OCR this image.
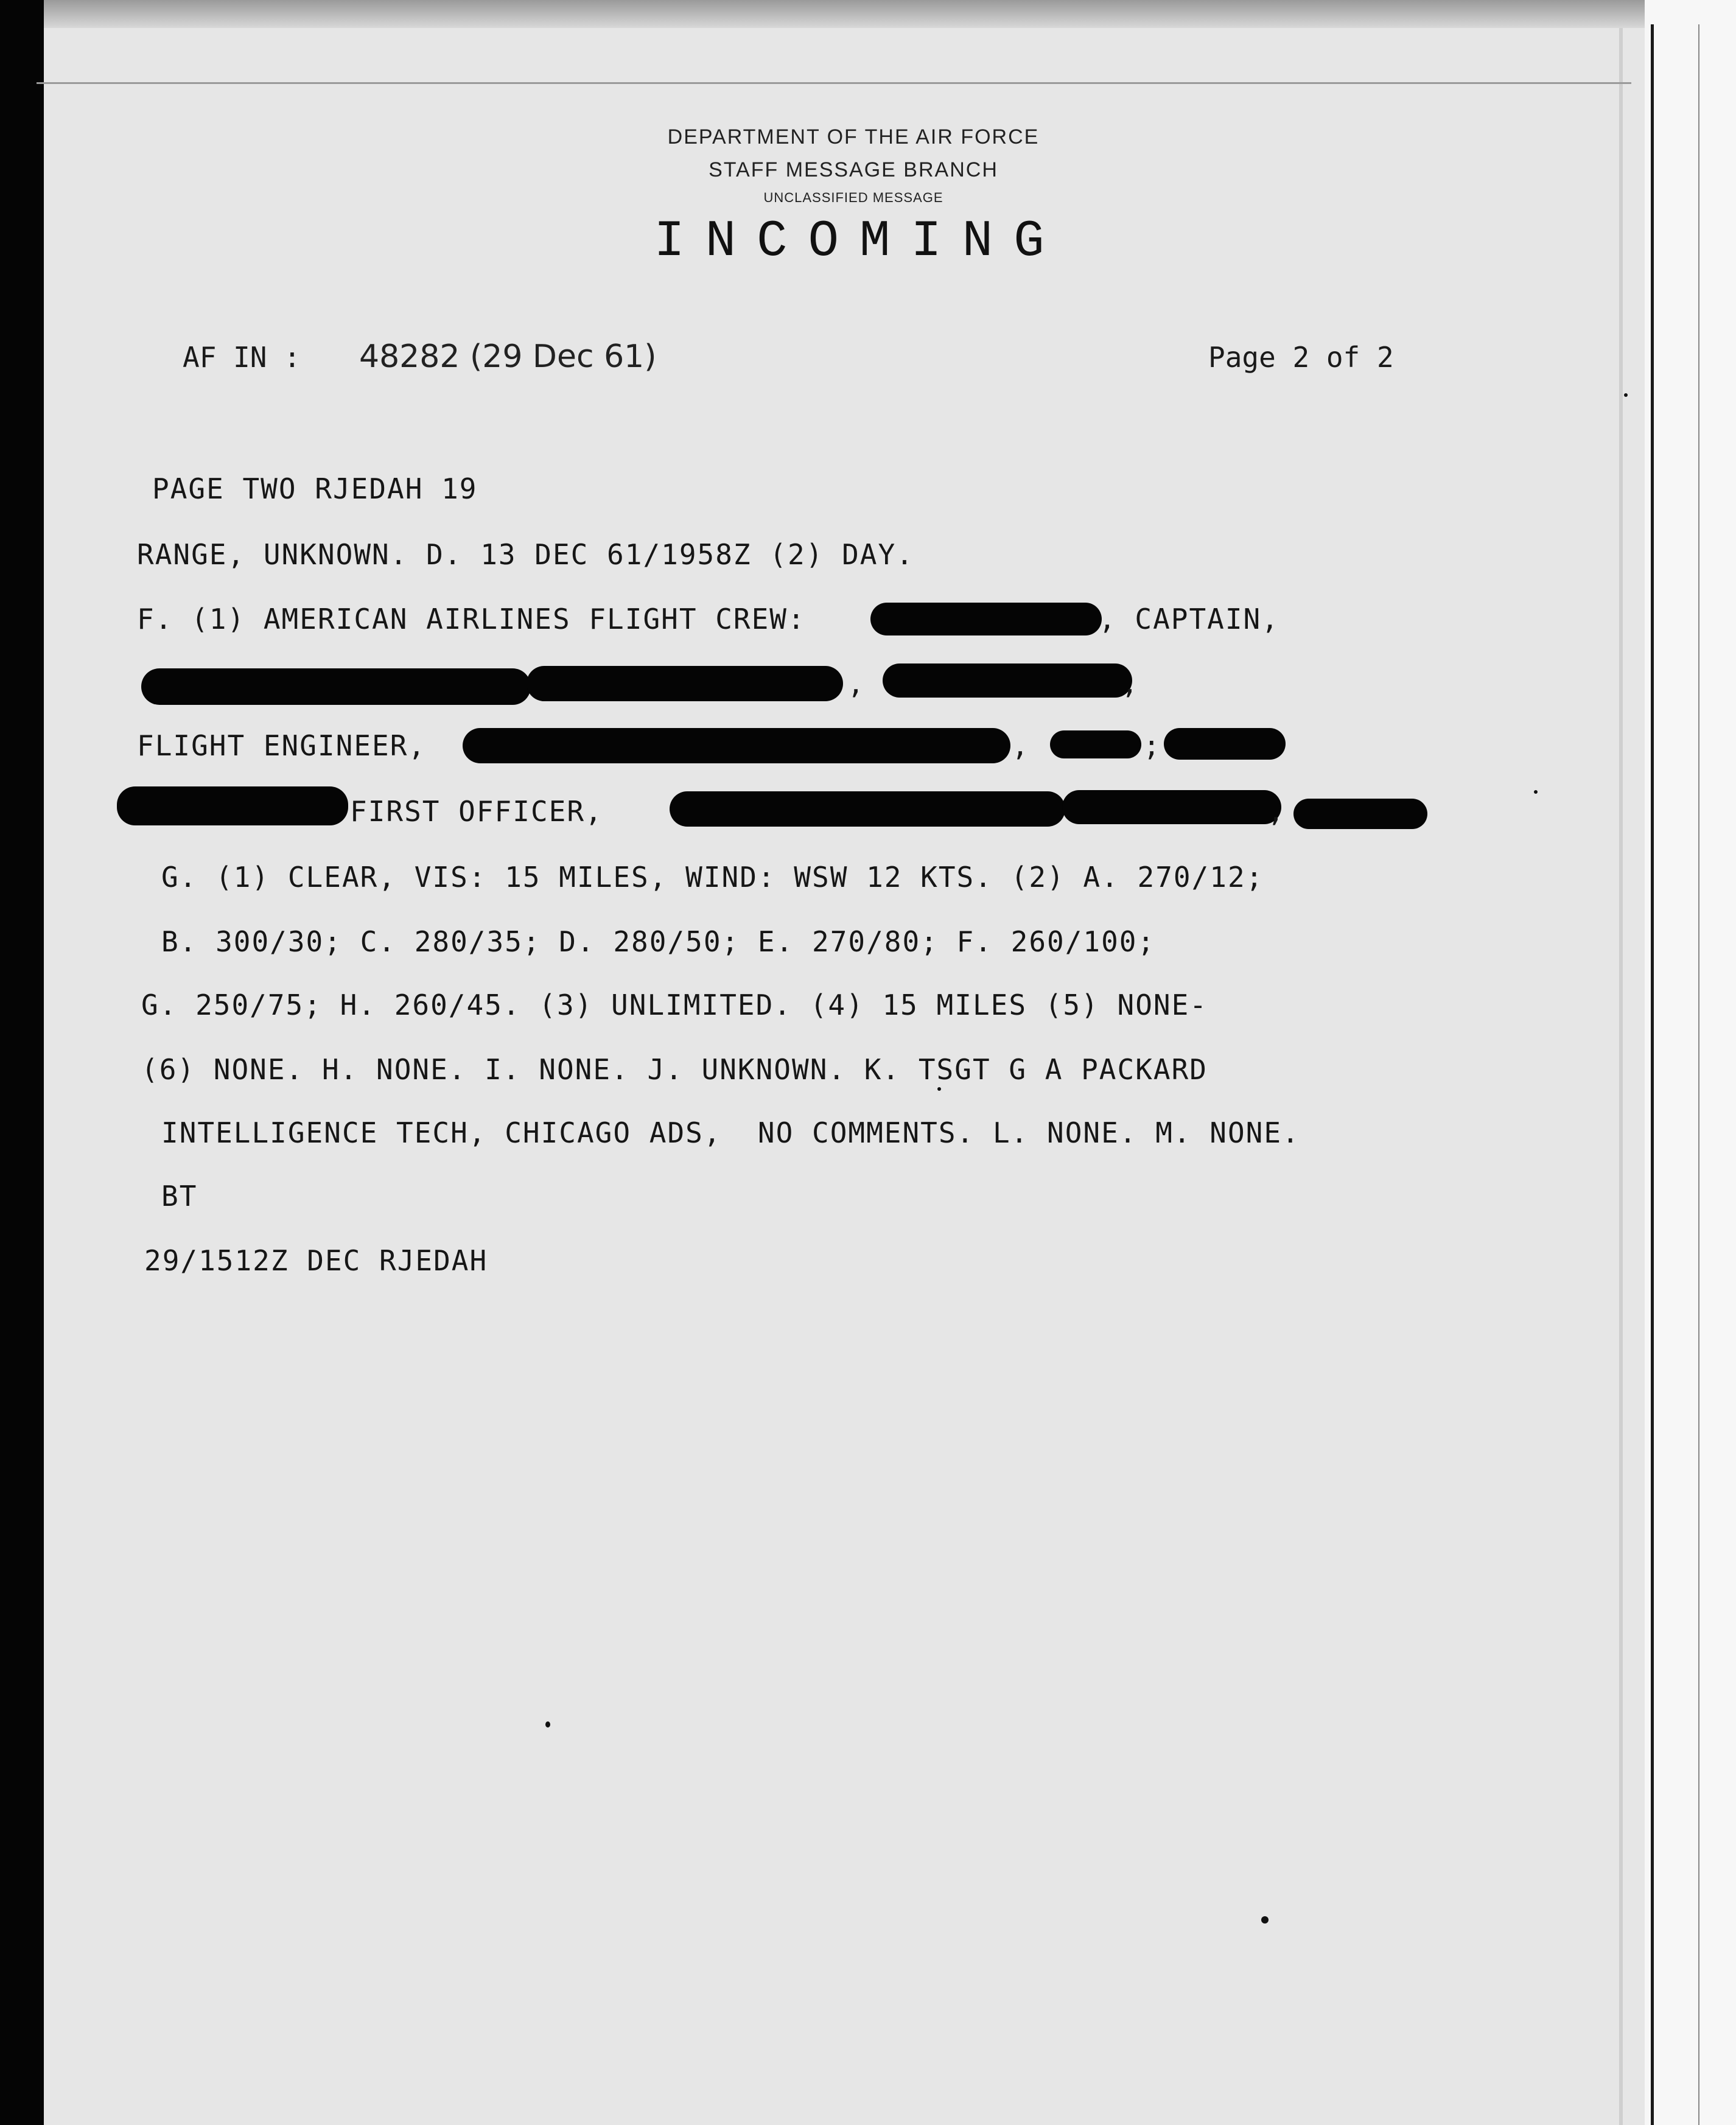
DEPARTMENT OF THE AIR FORCE
STAFF MESSAGE BRANCH
UNCLASSIFIED MESSAGE
INCOMING
AF IN : 48282 (29 Dec 61)	Page 2 of 2
PAGE TWO RJEDAH 19
RANGE, UNKNOWN. D. 13 DEC 61/1958Z (2) DAY.
F. (1) AMERICAN AIRLINES FLIGHT CREW:	, CAPTAIN,
,	,
FLIGHT ENGINEER,	,	;
FIRST OFFICER,	,
G. (1) CLEAR, VIS: 15 MILES, WIND: WSW 12 KTS. (2) A. 270/12;
B. 300/30; C. 280/35; D. 280/50; E. 270/80; F. 260/100;
G. 250/75; H. 260/45. (3) UNLIMITED. (4) 15 MILES (5) NONE-
(6) NONE. H. NONE. I. NONE. J. UNKNOWN. K. TSGT G A PACKARD
INTELLIGENCE TECH, CHICAGO ADS,  NO COMMENTS. L. NONE. M. NONE.
BT
29/1512Z DEC RJEDAH
